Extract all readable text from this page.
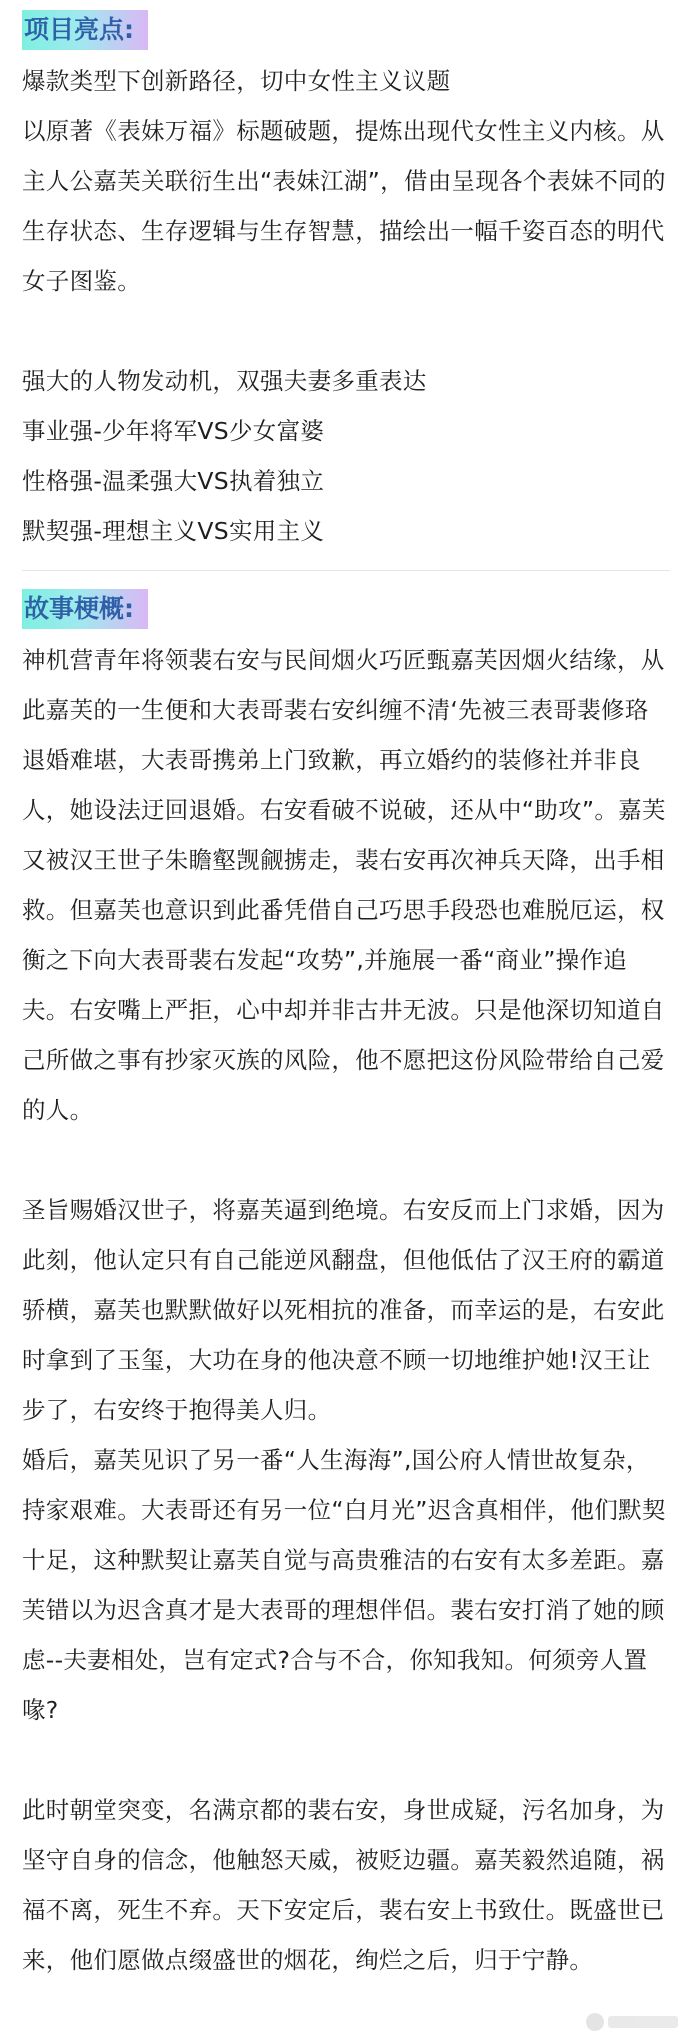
项目亮点:

爆款类型下创新路径，切中女性主义议题

以原著《表妹万福》标题破题，提炼出现代女性主义内核。从主人公嘉芙关联衍生出“表妹江湖”，借由呈现各个表妹不同的生存状态、生存逻辑与生存智慧，描绘出一幅千姿百态的明代女子图鉴。

强大的人物发动机，双强夫妻多重表达

事业强-少年将军VS少女富婆

性格强-温柔强大VS执着独立

默契强-理想主义VS实用主义

故事梗概:

神机营青年将领裴右安与民间烟火巧匠甄嘉芙因烟火结缘，从此嘉芙的一生便和大表哥裴右安纠缠不清‘先被三表哥裴修珞退婚难堪，大表哥携弟上门致歉，再立婚约的装修社并非良人，她设法迂回退婚。右安看破不说破，还从中“助攻”。嘉芙又被汉王世子朱瞻壑觊觎掳走，裴右安再次神兵天降，出手相救。但嘉芙也意识到此番凭借自己巧思手段恐也难脱厄运，权衡之下向大表哥裴右发起“攻势”,并施展一番“商业”操作追夫。右安嘴上严拒，心中却并非古井无波。只是他深切知道自己所做之事有抄家灭族的风险，他不愿把这份风险带给自己爱的人。

圣旨赐婚汉世子，将嘉芙逼到绝境。右安反而上门求婚，因为此刻，他认定只有自己能逆风翻盘，但他低估了汉王府的霸道骄横，嘉芙也默默做好以死相抗的准备，而幸运的是，右安此时拿到了玉玺，大功在身的他决意不顾一切地维护她!汉王让步了，右安终于抱得美人归。

婚后，嘉芙见识了另一番“人生海海”,国公府人情世故复杂，持家艰难。大表哥还有另一位“白月光”迟含真相伴，他们默契十足，这种默契让嘉芙自觉与高贵雅洁的右安有太多差距。嘉芙错以为迟含真才是大表哥的理想伴侣。裴右安打消了她的顾虑--夫妻相处，岂有定式?合与不合，你知我知。何须旁人置喙?

此时朝堂突变，名满京都的裴右安，身世成疑，污名加身，为坚守自身的信念，他触怒天威，被贬边疆。嘉芙毅然追随，祸福不离，死生不弃。天下安定后，裴右安上书致仕。既盛世已来，他们愿做点缀盛世的烟花，绚烂之后，归于宁静。
